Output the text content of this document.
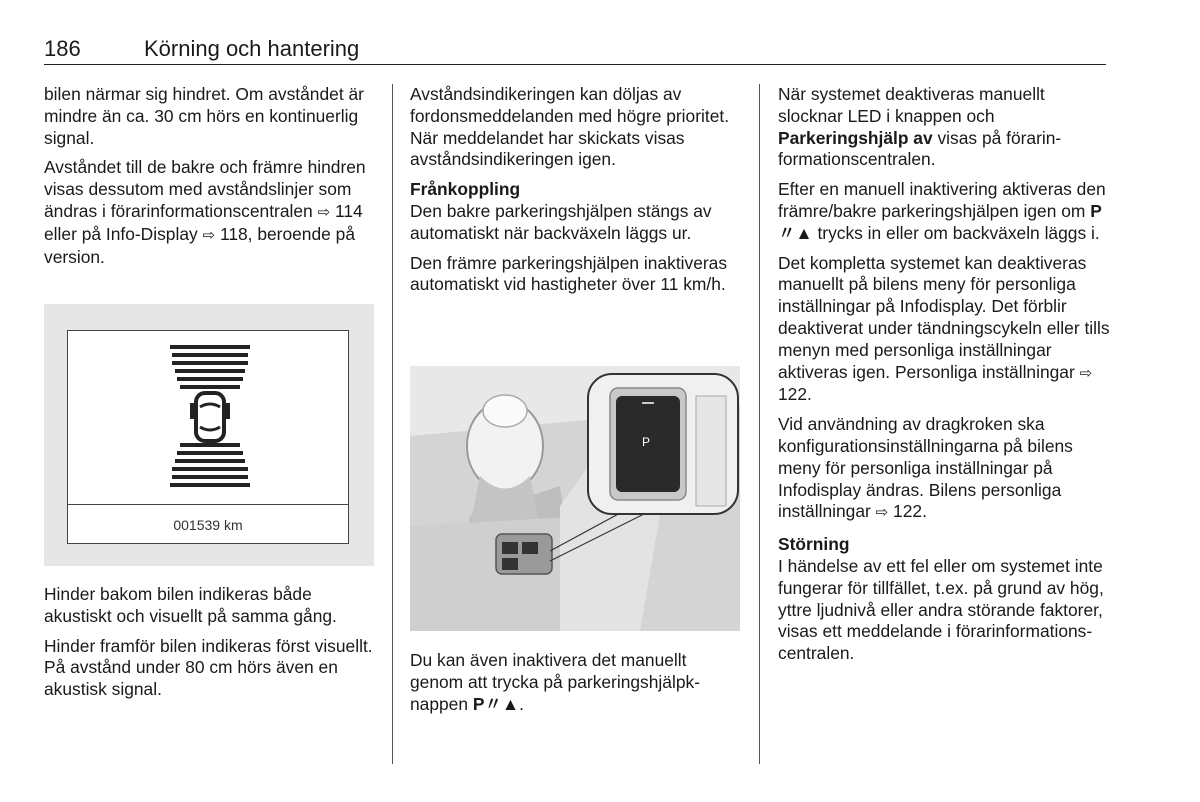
186	Körning och hantering

bilen närmar sig hindret. Om avståndet är mindre än ca. 30 cm hörs en kontinuerlig signal.

Avståndet till de bakre och främre hindren visas dessutom med avståndslinjer som ändras i förarinformationscentralen ⇨ 114 eller på Info-Display ⇨ 118, beroende på version.

001539 km

Hinder bakom bilen indikeras både akustiskt och visuellt på samma gång.

Hinder framför bilen indikeras först visuellt. På avstånd under 80 cm hörs även en akustisk signal.

Avståndsindikeringen kan döljas av fordonsmeddelanden med högre prioritet. När meddelandet har skickats visas avståndsindikeringen igen.

Frånkoppling

Den bakre parkeringshjälpen stängs av automatiskt när backväxeln läggs ur.

Den främre parkeringshjälpen inaktiveras automatiskt vid hastigheter över 11 km/h.

P

Du kan även inaktivera det manuellt genom att trycka på parkeringshjälpknappen P〃▲.

När systemet deaktiveras manuellt slocknar LED i knappen och Parkeringshjälp av visas på förarinformationscentralen.

Efter en manuell inaktivering aktiveras den främre/bakre parkeringshjälpen igen om P〃▲ trycks in eller om backväxeln läggs i.

Det kompletta systemet kan deaktiveras manuellt på bilens meny för personliga inställningar på Infodisplay. Det förblir deaktiverat under tändningscykeln eller tills menyn med personliga inställningar aktiveras igen. Personliga inställningar ⇨ 122.

Vid användning av dragkroken ska konfigurationsinställningarna på bilens meny för personliga inställningar på Infodisplay ändras. Bilens personliga inställningar ⇨ 122.

Störning

I händelse av ett fel eller om systemet inte fungerar för tillfället, t.ex. på grund av hög, yttre ljudnivå eller andra störande faktorer, visas ett meddelande i förarinformationscentralen.
